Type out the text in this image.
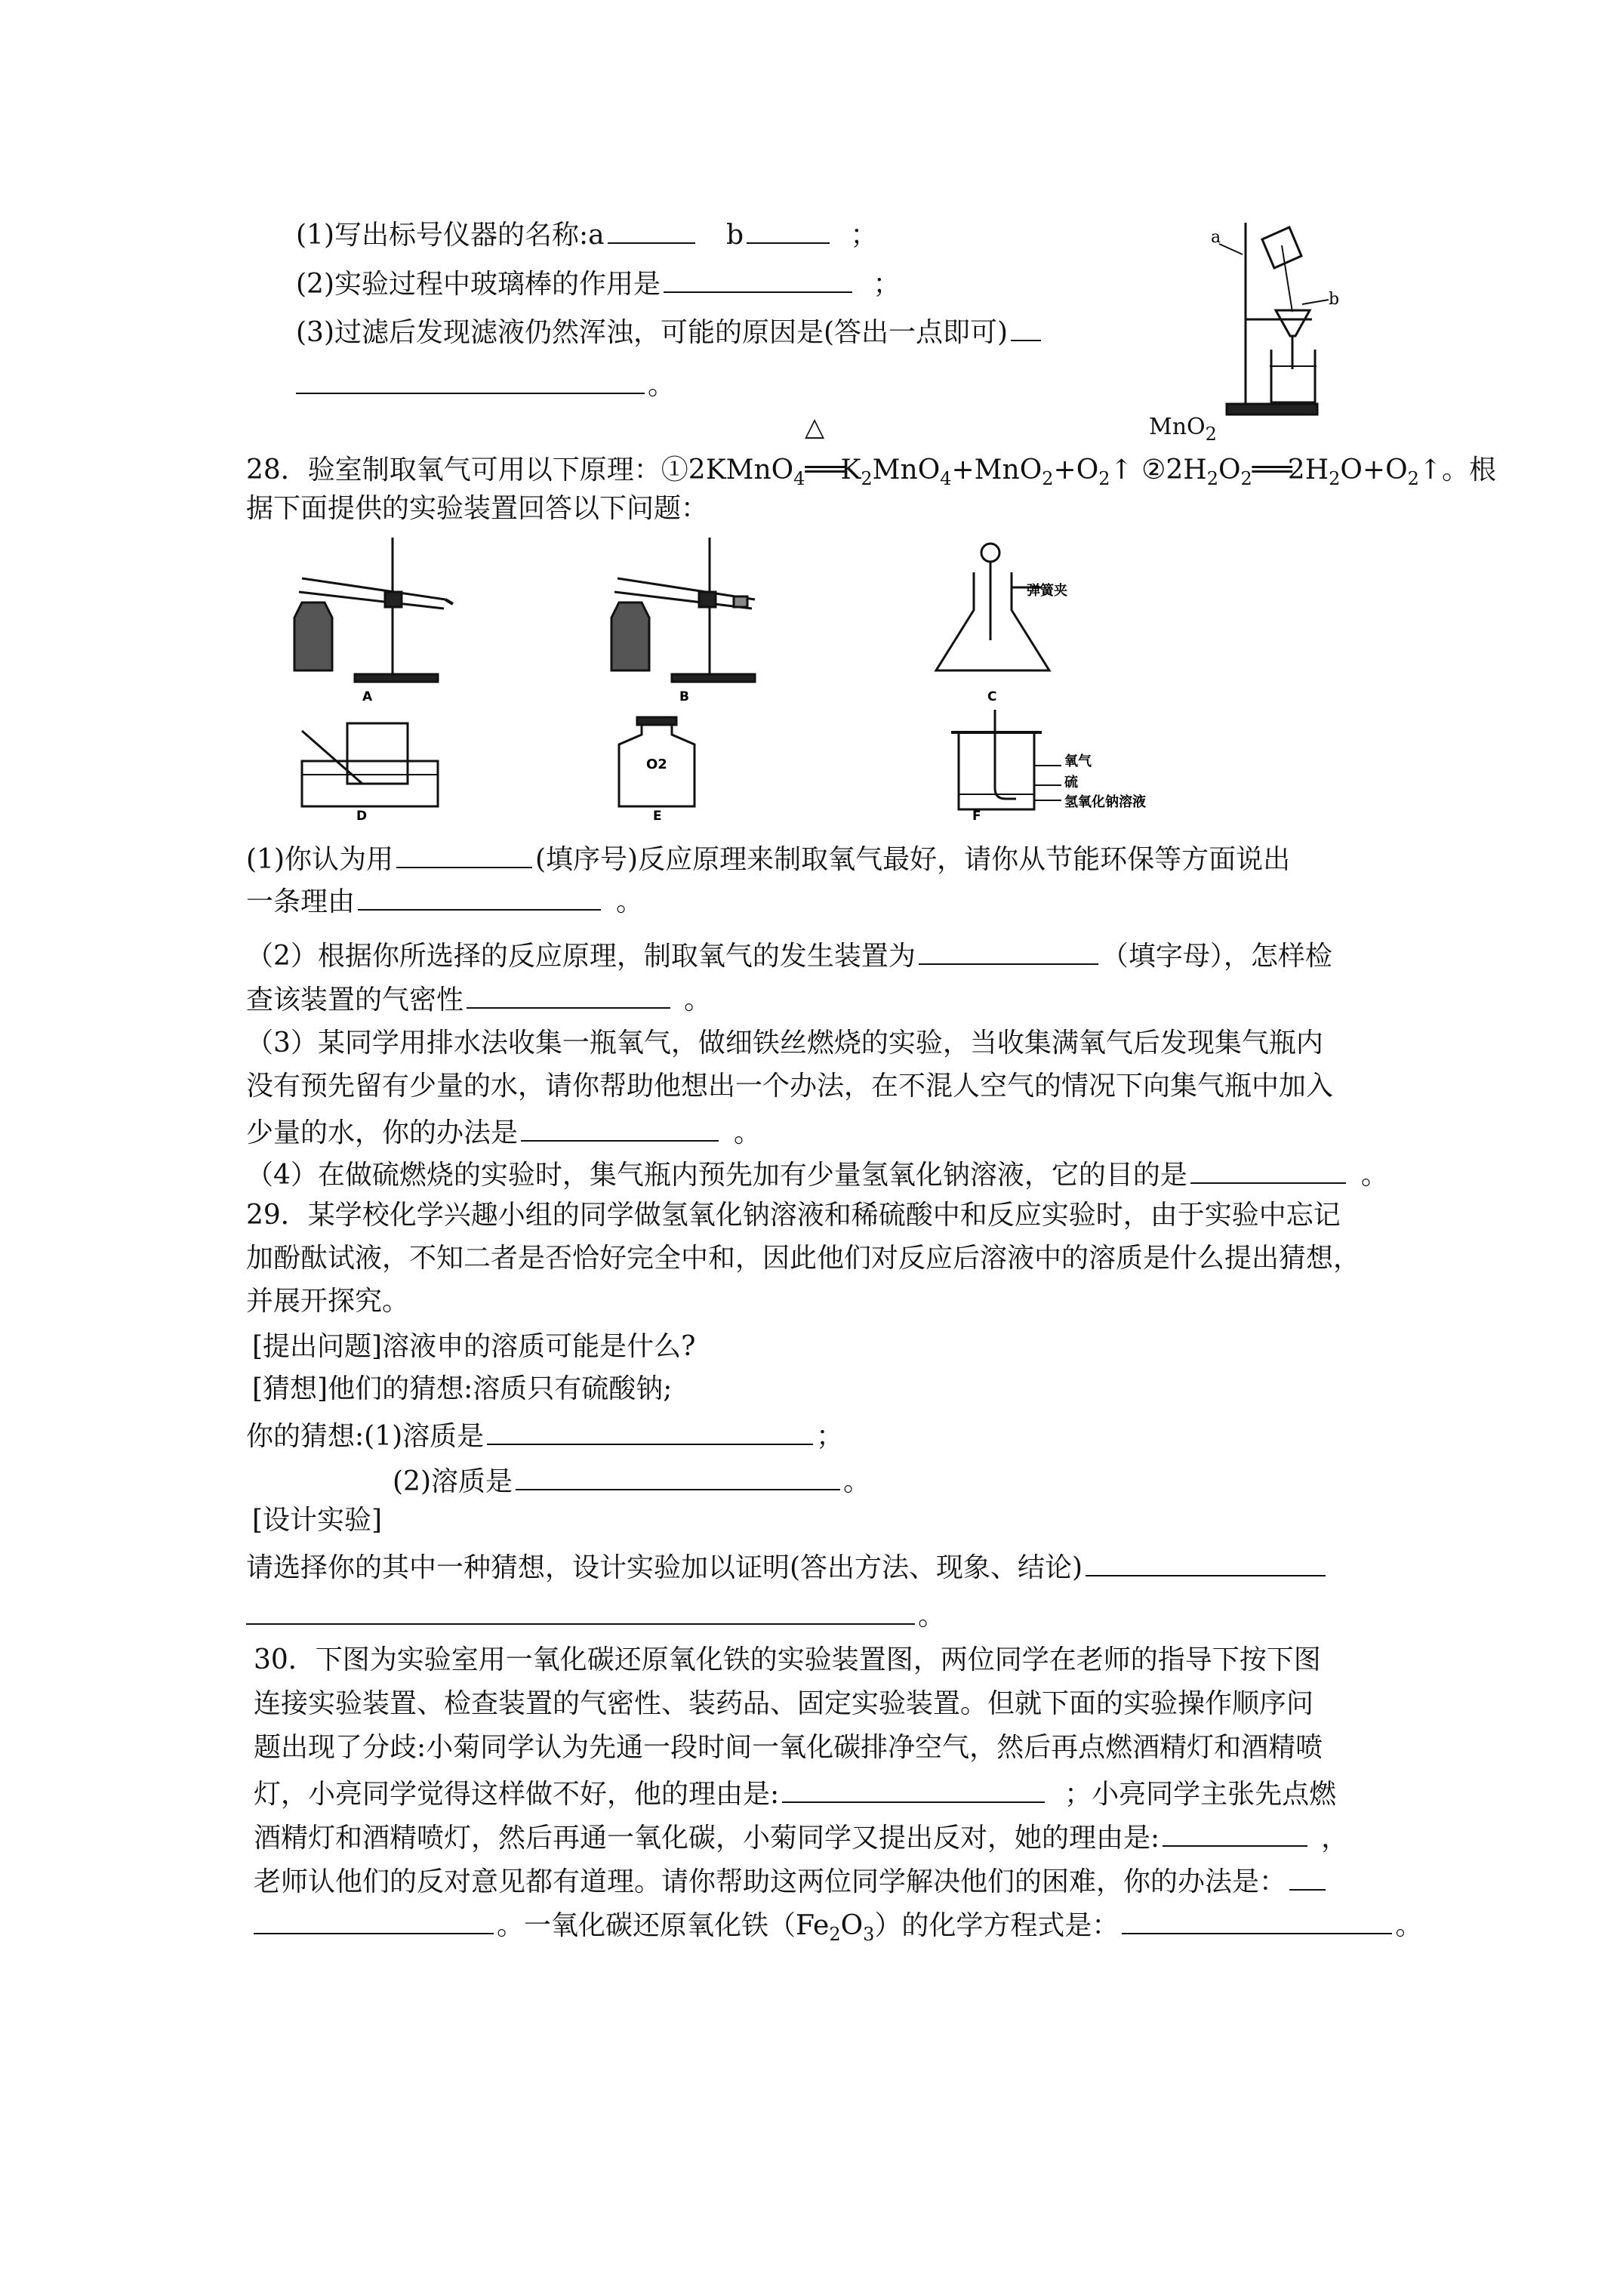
(1)写出标号仪器的名称:a	b	；
(2)实验过程中玻璃棒的作用是	；
(3)过滤后发现滤液仍然浑浊，可能的原因是(答出一点即可)
。
a
b
△	MnO$_2$
28．验室制取氧气可用以下原理：$①2KMnO_4═══K_2MnO_4+MnO_2+O_2↑$ $②2H_2O_2═══2H_2O+O_2↑$。根
据下面提供的实验装置回答以下问题：
A	B	C
D	E	F
弹簧夹
O2	氧气
硫
氢氧化钠溶液
(1)你认为用	(填序号)反应原理来制取氧气最好，请你从节能环保等方面说出
一条理由	。
（2）根据你所选择的反应原理，制取氧气的发生装置为	（填字母），怎样检
查该装置的气密性	。
（3）某同学用排水法收集一瓶氧气，做细铁丝燃烧的实验，当收集满氧气后发现集气瓶内
没有预先留有少量的水，请你帮助他想出一个办法，在不混人空气的情况下向集气瓶中加入
少量的水，你的办法是	。
（4）在做硫燃烧的实验时，集气瓶内预先加有少量氢氧化钠溶液，它的目的是	。
29．某学校化学兴趣小组的同学做氢氧化钠溶液和稀硫酸中和反应实验时，由于实验中忘记
加酚酞试液，不知二者是否恰好完全中和，因此他们对反应后溶液中的溶质是什么提出猜想，
并展开探究。
[提出问题]溶液申的溶质可能是什么?
[猜想]他们的猜想:溶质只有硫酸钠;
你的猜想:(1)溶质是	；
(2)溶质是	。
[设计实验]
请选择你的其中一种猜想，设计实验加以证明(答出方法、现象、结论)
。
30．下图为实验室用一氧化碳还原氧化铁的实验装置图，两位同学在老师的指导下按下图
连接实验装置、检查装置的气密性、装药品、固定实验装置。但就下面的实验操作顺序问
题出现了分歧:小菊同学认为先通一段时间一氧化碳排净空气，然后再点燃酒精灯和酒精喷
灯，小亮同学觉得这样做不好，他的理由是:	；小亮同学主张先点燃
酒精灯和酒精喷灯，然后再通一氧化碳，小菊同学又提出反对，她的理由是:	，
老师认他们的反对意见都有道理。请你帮助这两位同学解决他们的困难，你的办法是：
。一氧化碳还原氧化铁$(Fe_2O_3)$的化学方程式是：	。
